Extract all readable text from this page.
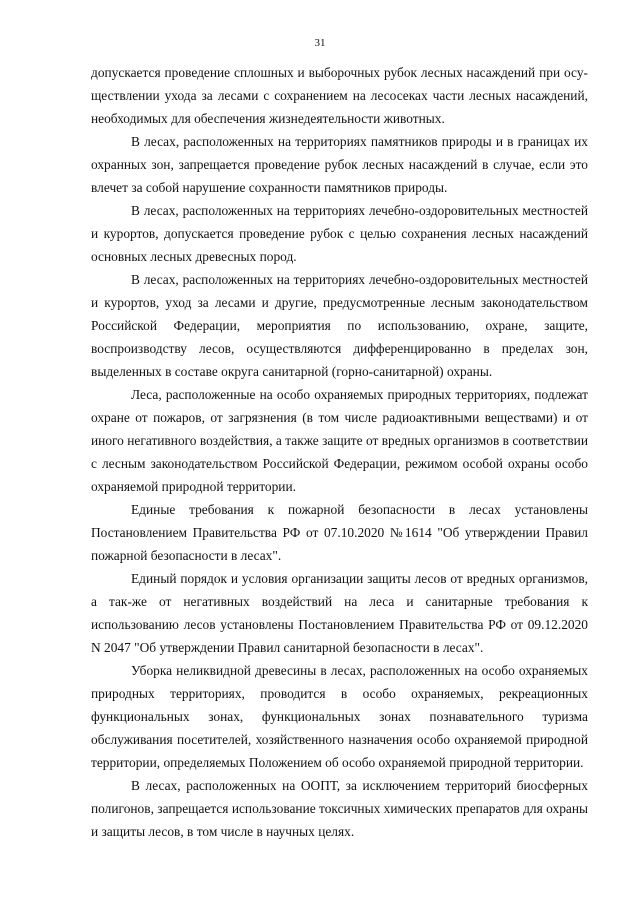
31

допускается проведение сплошных и выборочных рубок лесных насаждений при осуществлении ухода за лесами с сохранением на лесосеках части лесных насаждений, необходимых для обеспечения жизнедеятельности животных.

В лесах, расположенных на территориях памятников природы и в границах их охранных зон, запрещается проведение рубок лесных насаждений в случае, если это влечет за собой нарушение сохранности памятников природы.

В лесах, расположенных на территориях лечебно-оздоровительных местностей и курортов, допускается проведение рубок с целью сохранения лесных насаждений основных лесных древесных пород.

В лесах, расположенных на территориях лечебно-оздоровительных местностей и курортов, уход за лесами и другие, предусмотренные лесным законодательством Российской Федерации, мероприятия по использованию, охране, защите, воспроизводству лесов, осуществляются дифференцированно в пределах зон, выделенных в составе округа санитарной (горно-санитарной) охраны.

Леса, расположенные на особо охраняемых природных территориях, подлежат охране от пожаров, от загрязнения (в том числе радиоактивными веществами) и от иного негативного воздействия, а также защите от вредных организмов в соответствии с лесным законодательством Российской Федерации, режимом особой охраны особо охраняемой природной территории.

Единые требования к пожарной безопасности в лесах установлены Постановлением Правительства РФ от 07.10.2020 №1614 "Об утверждении Правил пожарной безопасности в лесах".

Единый порядок и условия организации защиты лесов от вредных организмов, а так-же от негативных воздействий на леса и санитарные требования к использованию лесов установлены Постановлением Правительства РФ от 09.12.2020 N 2047 "Об утверждении Правил санитарной безопасности в лесах".

Уборка неликвидной древесины в лесах, расположенных на особо охраняемых природных территориях, проводится в особо охраняемых, рекреационных функциональных зонах, функциональных зонах познавательного туризма обслуживания посетителей, хозяйственного назначения особо охраняемой природной территории, определяемых Положением об особо охраняемой природной территории.

В лесах, расположенных на ООПТ, за исключением территорий биосферных полигонов, запрещается использование токсичных химических препаратов для охраны и защиты лесов, в том числе в научных целях.
